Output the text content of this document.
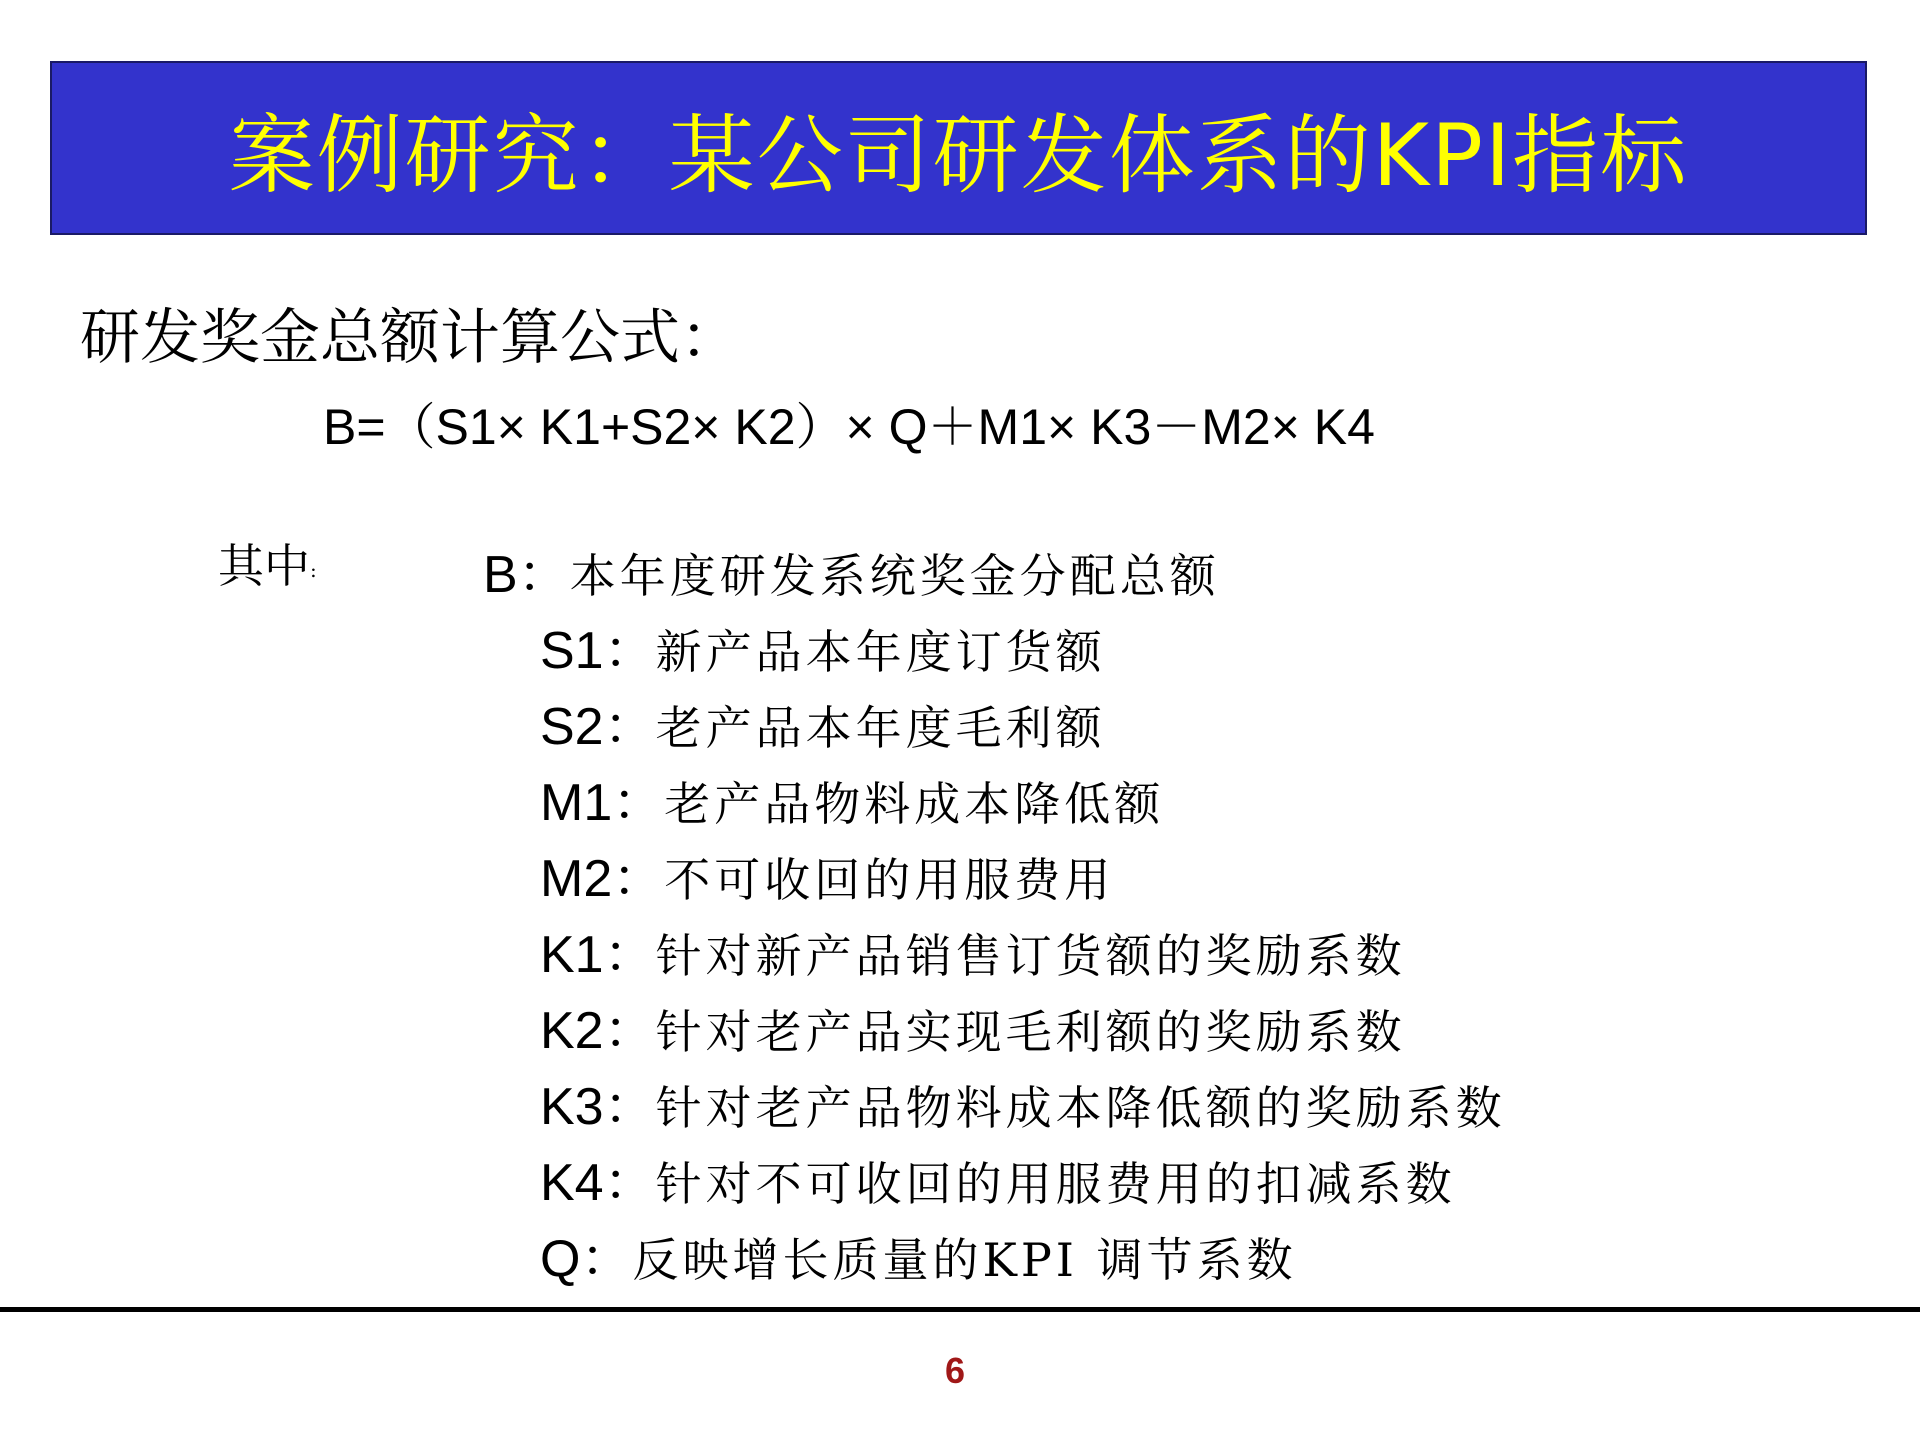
案例研究：某公司研发体系的KPI指标
研发奖金总额计算公式：
B=（S1× K1+S2× K2）× Q＋M1× K3－M2× K4
其中:	B： 本年度研发系统奖金分配总额
S1： 新产品本年度订货额
S2： 老产品本年度毛利额
M1： 老产品物料成本降低额
M2： 不可收回的用服费用
K1： 针对新产品销售订货额的奖励系数
K2： 针对老产品实现毛利额的奖励系数
K3： 针对老产品物料成本降低额的奖励系数
K4： 针对不可收回的用服费用的扣减系数
Q： 反映增长质量的KPI 调节系数
6
